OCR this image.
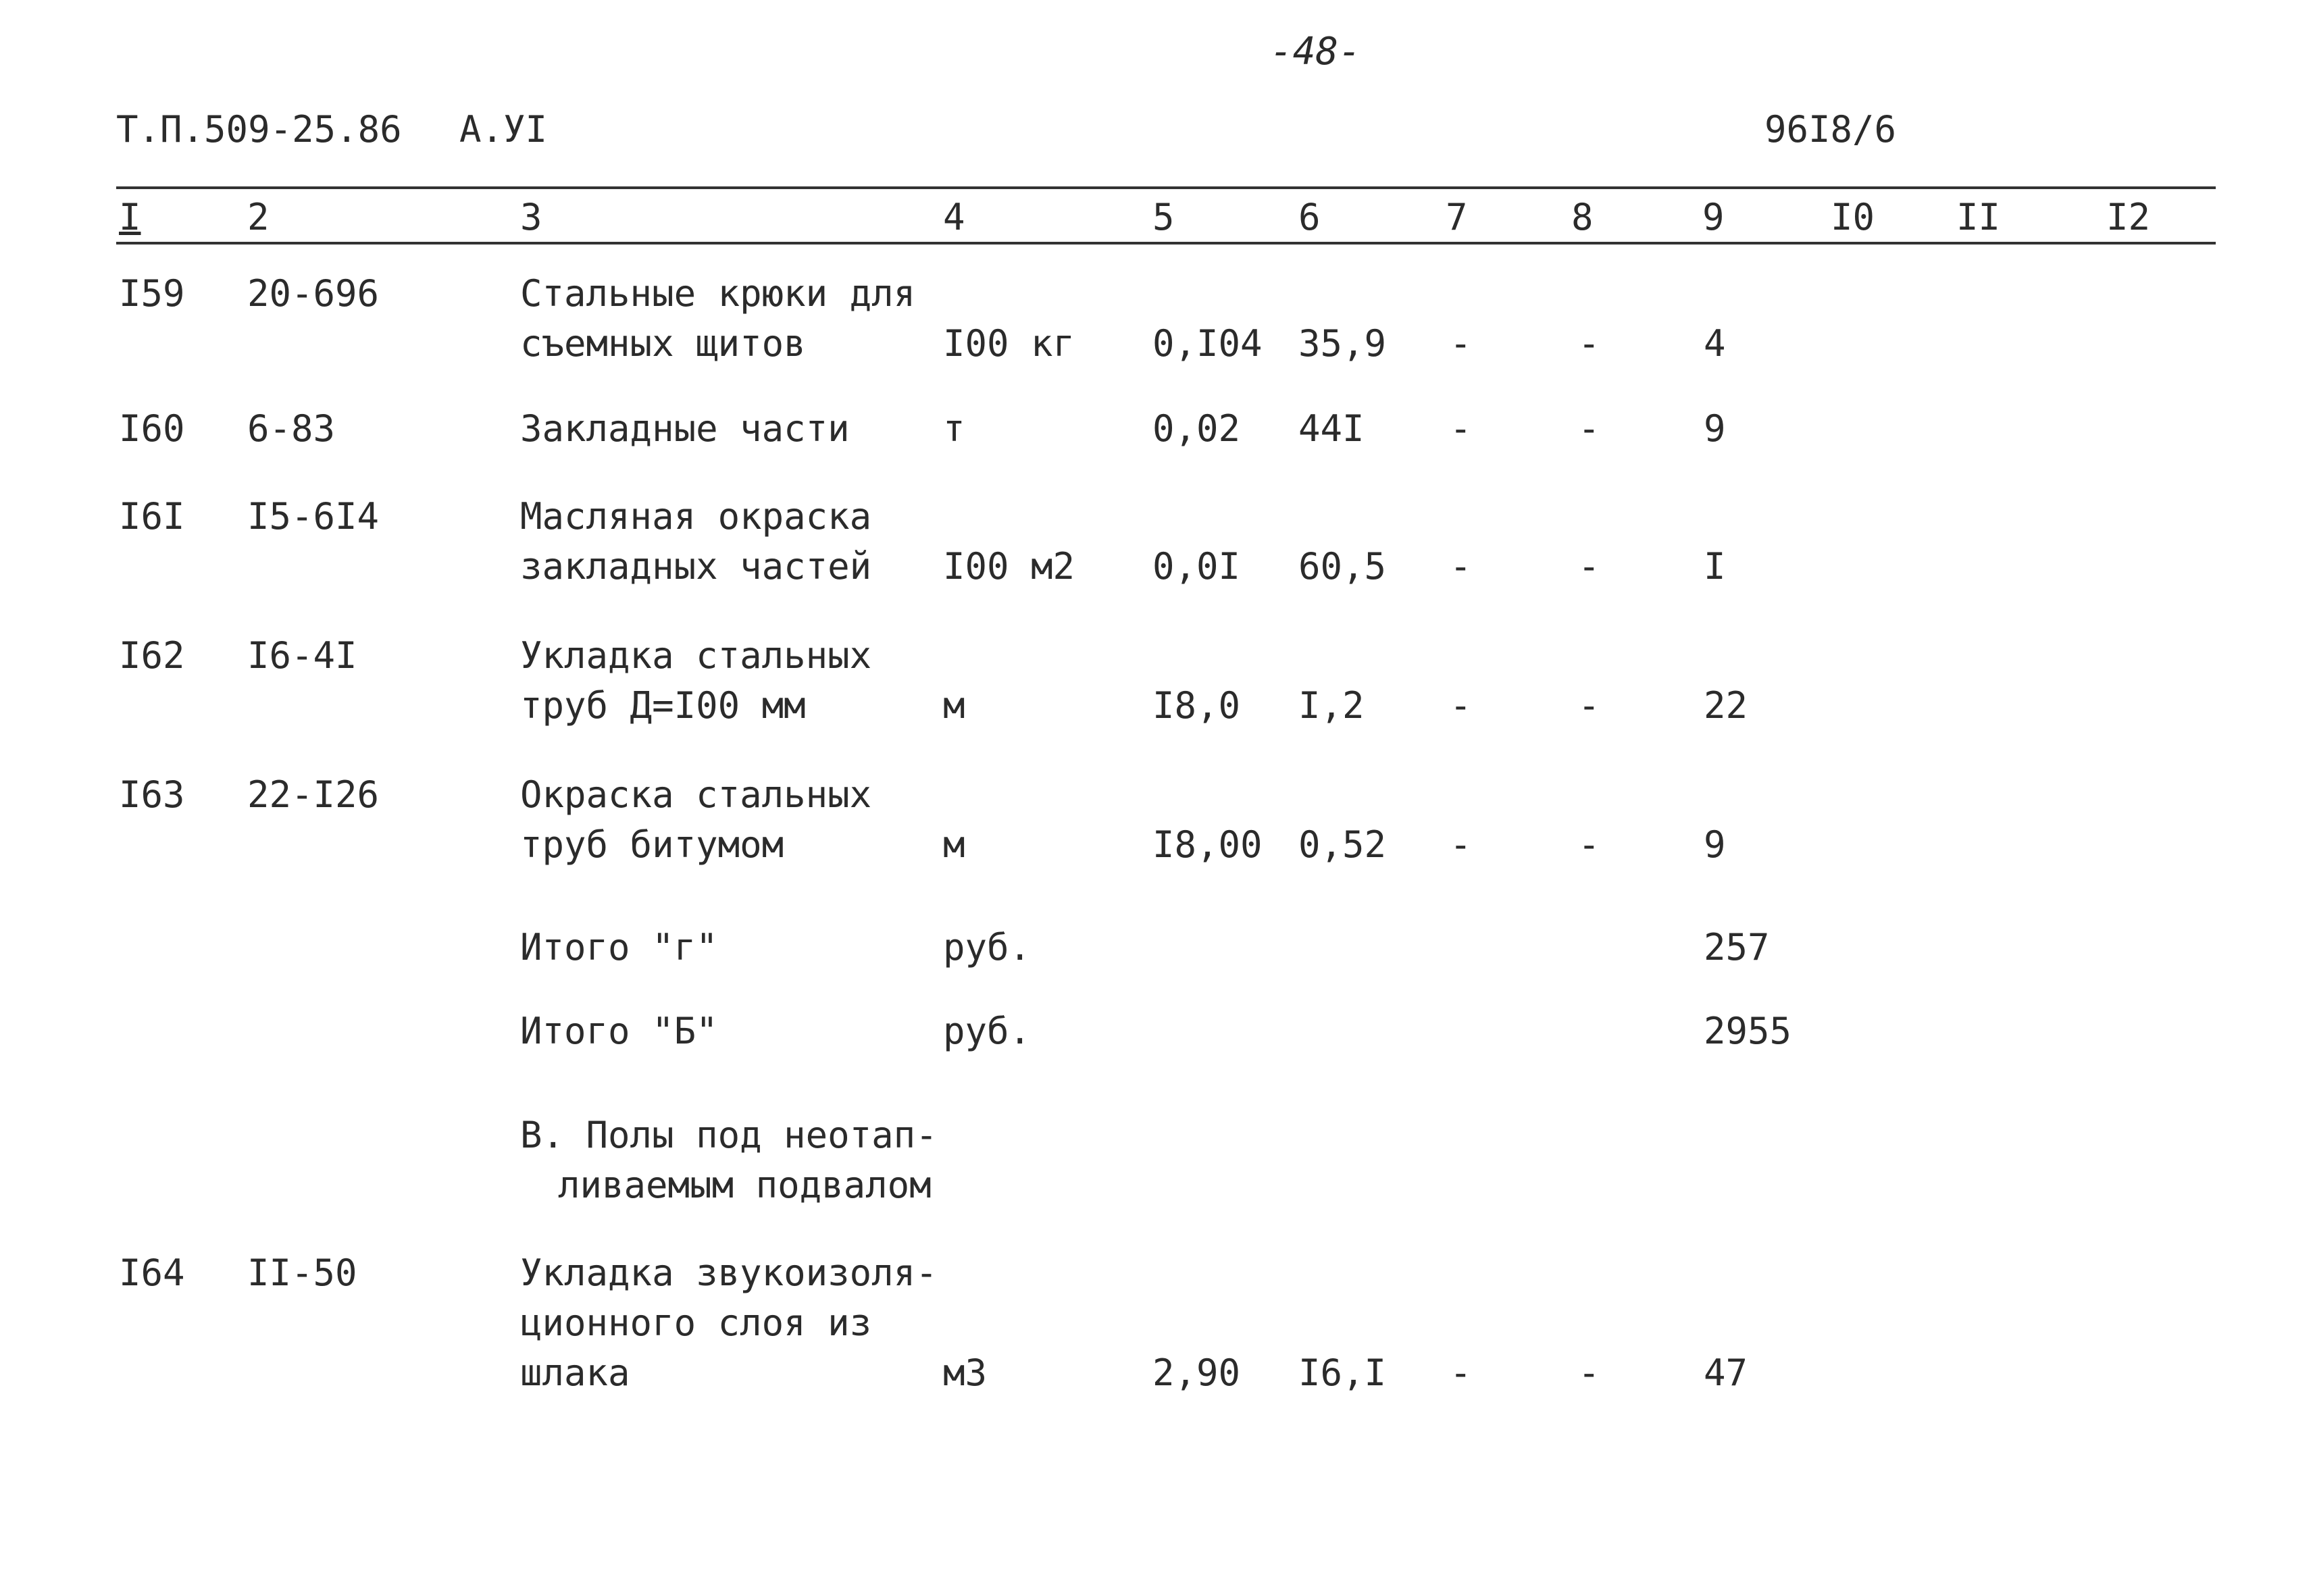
-48-
Т.П.509-25.86 А.УI	96I8/6
I	2	3	4	5	6	7	8	9	I0 II	I2
I59 20-696	Стальные крюки для
съемных щитов	I00 кг 0,I04 35,9 -	-	4
I60 6-83	Закладные части	т	0,02 44I -	-	9
I6I I5-6I4	Масляная окраска
закладных частей I00 м2 0,0I 60,5 -	-	I
I62 I6-4I	Укладка стальных
труб Д=I00 мм	м	I8,0 I,2 -	-	22
I63 22-I26	Окраска стальных
труб битумом	м	I8,00 0,52 -	-	9
Итого "г"	руб.	257
Итого "Б"	руб.	2955
В. Полы под неотап-
ливаемым подвалом
I64 II-50	Укладка звукоизоля-
ционного слоя из
шлака	м3	2,90 I6,I -	-	47
